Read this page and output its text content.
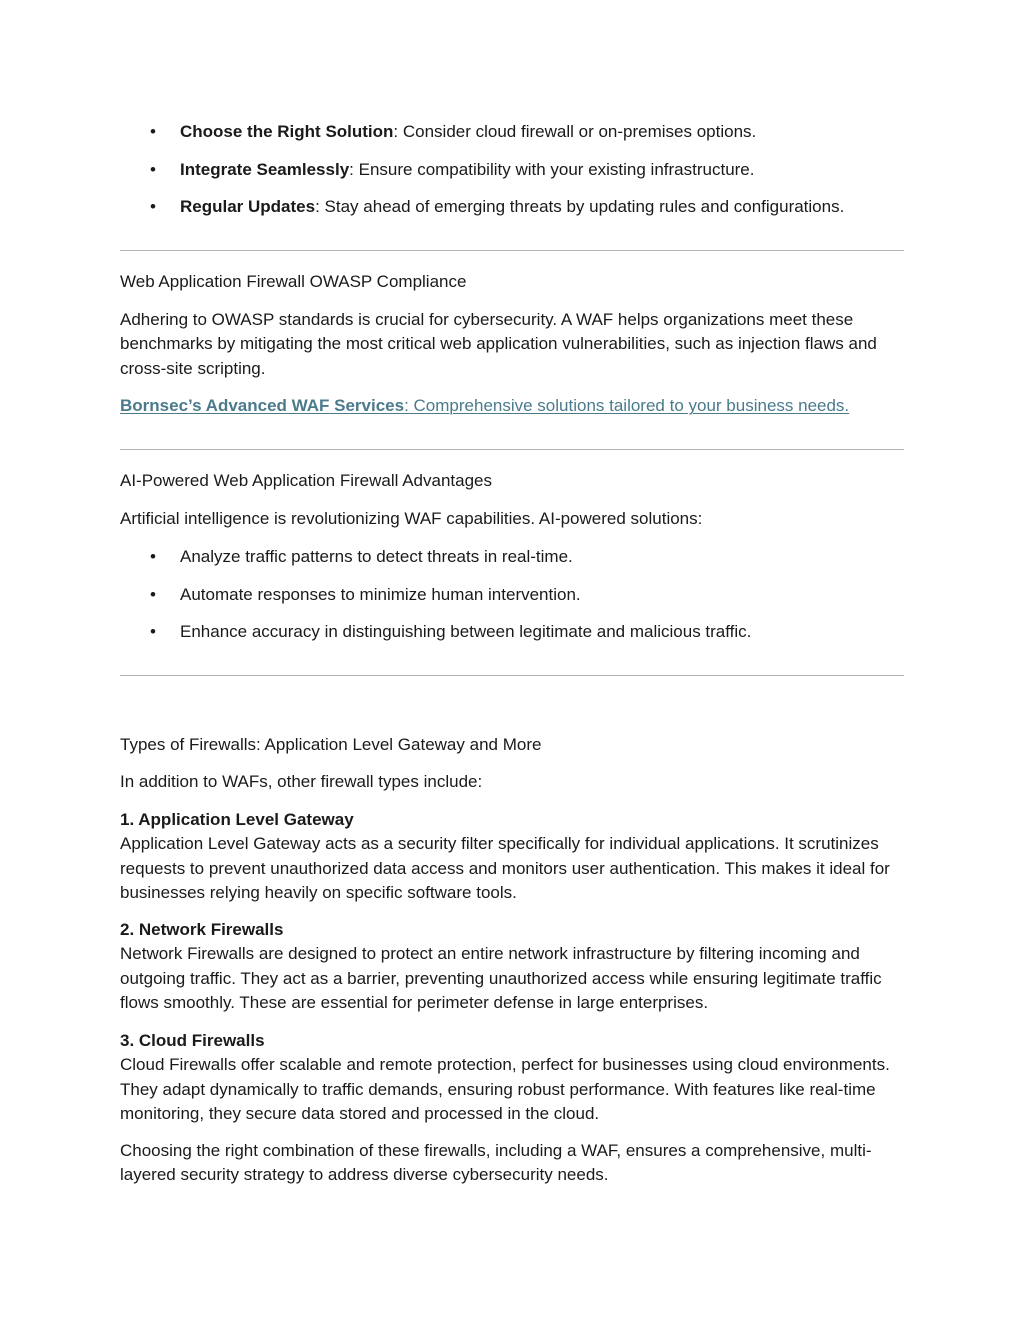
• Choose the Right Solution: Consider cloud firewall or on-premises options.
• Integrate Seamlessly: Ensure compatibility with your existing infrastructure.
• Regular Updates: Stay ahead of emerging threats by updating rules and configurations.

Web Application Firewall OWASP Compliance

Adhering to OWASP standards is crucial for cybersecurity. A WAF helps organizations meet these benchmarks by mitigating the most critical web application vulnerabilities, such as injection flaws and cross-site scripting.

Bornsec’s Advanced WAF Services: Comprehensive solutions tailored to your business needs.

AI-Powered Web Application Firewall Advantages

Artificial intelligence is revolutionizing WAF capabilities. AI-powered solutions:

• Analyze traffic patterns to detect threats in real-time.
• Automate responses to minimize human intervention.
• Enhance accuracy in distinguishing between legitimate and malicious traffic.

Types of Firewalls: Application Level Gateway and More

In addition to WAFs, other firewall types include:

1. Application Level Gateway
Application Level Gateway acts as a security filter specifically for individual applications. It scrutinizes requests to prevent unauthorized data access and monitors user authentication. This makes it ideal for businesses relying heavily on specific software tools.
2. Network Firewalls
Network Firewalls are designed to protect an entire network infrastructure by filtering incoming and outgoing traffic. They act as a barrier, preventing unauthorized access while ensuring legitimate traffic flows smoothly. These are essential for perimeter defense in large enterprises.
3. Cloud Firewalls
Cloud Firewalls offer scalable and remote protection, perfect for businesses using cloud environments. They adapt dynamically to traffic demands, ensuring robust performance. With features like real-time monitoring, they secure data stored and processed in the cloud.

Choosing the right combination of these firewalls, including a WAF, ensures a comprehensive, multi-layered security strategy to address diverse cybersecurity needs.
